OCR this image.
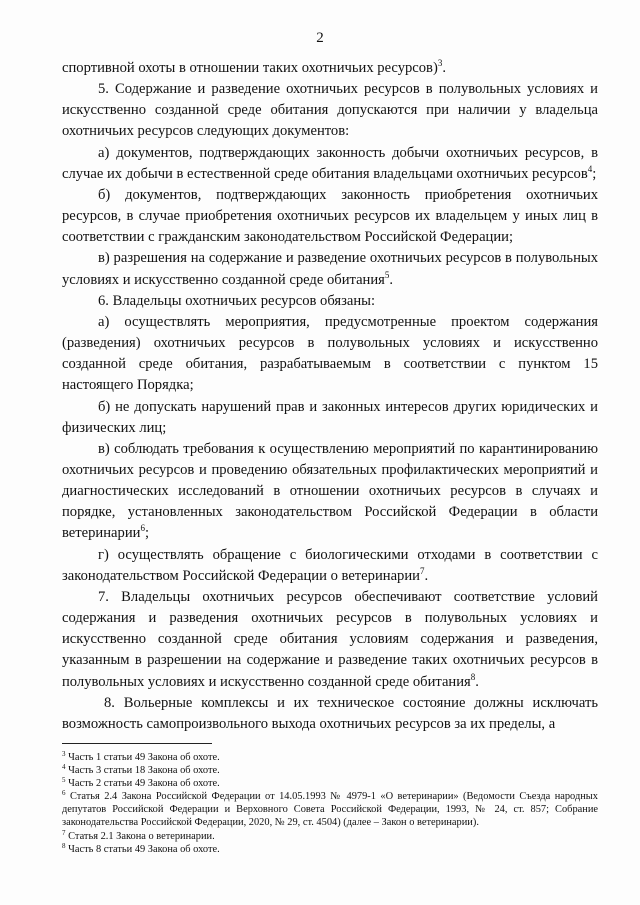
2

спортивной охоты в отношении таких охотничьих ресурсов)$^3$.

5. Содержание и разведение охотничьих ресурсов в полувольных условиях и искусственно созданной среде обитания допускаются при наличии у владельца охотничьих ресурсов следующих документов:

а) документов, подтверждающих законность добычи охотничьих ресурсов, в случае их добычи в естественной среде обитания владельцами охотничьих ресурсов$^4$;

б) документов, подтверждающих законность приобретения охотничьих ресурсов, в случае приобретения охотничьих ресурсов их владельцем у иных лиц в соответствии с гражданским законодательством Российской Федерации;

в) разрешения на содержание и разведение охотничьих ресурсов в полувольных условиях и искусственно созданной среде обитания$^5$.

6. Владельцы охотничьих ресурсов обязаны:

а) осуществлять мероприятия, предусмотренные проектом содержания (разведения) охотничьих ресурсов в полувольных условиях и искусственно созданной среде обитания, разрабатываемым в соответствии с пунктом 15 настоящего Порядка;

б) не допускать нарушений прав и законных интересов других юридических и физических лиц;

в) соблюдать требования к осуществлению мероприятий по карантинированию охотничьих ресурсов и проведению обязательных профилактических мероприятий и диагностических исследований в отношении охотничьих ресурсов в случаях и порядке, установленных законодательством Российской Федерации в области ветеринарии$^6$;

г) осуществлять обращение с биологическими отходами в соответствии с законодательством Российской Федерации о ветеринарии$^7$.

7. Владельцы охотничьих ресурсов обеспечивают соответствие условий содержания и разведения охотничьих ресурсов в полувольных условиях и искусственно созданной среде обитания условиям содержания и разведения, указанным в разрешении на содержание и разведение таких охотничьих ресурсов в полувольных условиях и искусственно созданной среде обитания$^8$.

8. Вольерные комплексы и их техническое состояние должны исключать возможность самопроизвольного выхода охотничьих ресурсов за их пределы, а

$^3$ Часть 1 статьи 49 Закона об охоте.
$^4$ Часть 3 статьи 18 Закона об охоте.
$^5$ Часть 2 статьи 49 Закона об охоте.
$^6$ Статья 2.4 Закона Российской Федерации от 14.05.1993 № 4979-1 «О ветеринарии» (Ведомости Съезда народных депутатов Российской Федерации и Верховного Совета Российской Федерации, 1993, № 24, ст. 857; Собрание законодательства Российской Федерации, 2020, № 29, ст. 4504) (далее – Закон о ветеринарии).
$^7$ Статья 2.1 Закона о ветеринарии.
$^8$ Часть 8 статьи 49 Закона об охоте.
